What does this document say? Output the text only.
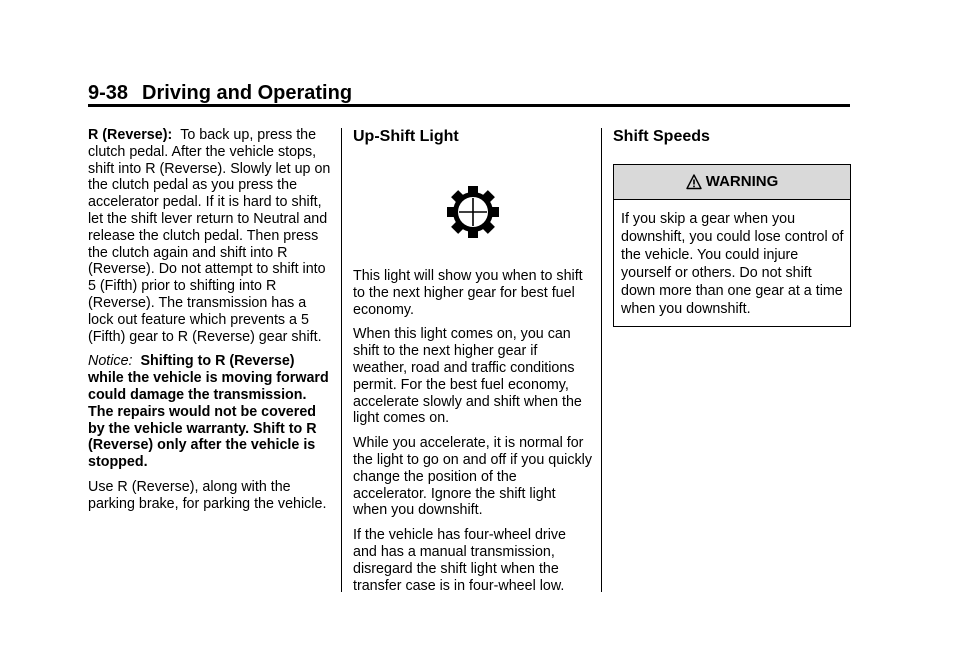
9-38 Driving and Operating

R (Reverse): To back up, press the clutch pedal. After the vehicle stops, shift into R (Reverse). Slowly let up on the clutch pedal as you press the accelerator pedal. If it is hard to shift, let the shift lever return to Neutral and release the clutch pedal. Then press the clutch again and shift into R (Reverse). Do not attempt to shift into 5 (Fifth) prior to shifting into R (Reverse). The transmission has a lock out feature which prevents a 5 (Fifth) gear to R (Reverse) gear shift.

Notice: Shifting to R (Reverse) while the vehicle is moving forward could damage the transmission. The repairs would not be covered by the vehicle warranty. Shift to R (Reverse) only after the vehicle is stopped.

Use R (Reverse), along with the parking brake, for parking the vehicle.

Up-Shift Light

This light will show you when to shift to the next higher gear for best fuel economy.

When this light comes on, you can shift to the next higher gear if weather, road and traffic conditions permit. For the best fuel economy, accelerate slowly and shift when the light comes on.

While you accelerate, it is normal for the light to go on and off if you quickly change the position of the accelerator. Ignore the shift light when you downshift.

If the vehicle has four-wheel drive and has a manual transmission, disregard the shift light when the transfer case is in four-wheel low.

Shift Speeds
WARNING
If you skip a gear when you downshift, you could lose control of the vehicle. You could injure yourself or others. Do not shift down more than one gear at a time when you downshift.
